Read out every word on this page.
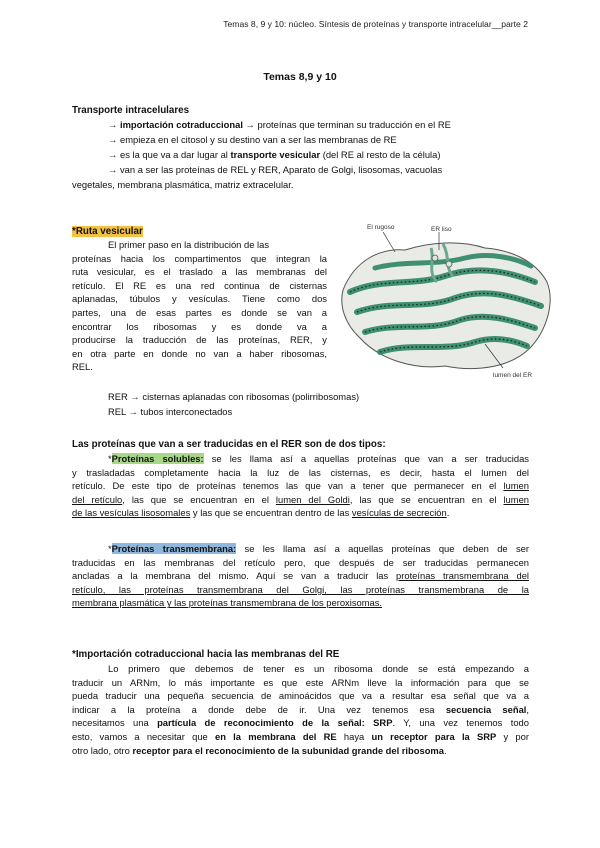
Temas 8, 9 y 10: núcleo. Síntesis de proteínas y transporte intracelular__parte 2
Temas 8,9 y 10
Transporte intracelulares
→ importación cotraduccional → proteínas que terminan su traducción en el RE
→ empieza en el citosol y su destino van a ser las membranas de RE
→ es la que va a dar lugar al transporte vesicular (del RE al resto de la célula)
→ van a ser las proteínas de REL y RER, Aparato de Golgi, lisosomas, vacuolas
vegetales, membrana plasmática, matriz extracelular.
*Ruta vesicular
El primer paso en la distribución de las
proteínas hacia los compartimentos que integran la
ruta vesicular, es el traslado a las membranas del
retículo. El RE es una red continua de cisternas
aplanadas, túbulos y vesículas. Tiene como dos
partes, una de esas partes es donde se van a
encontrar los ribosomas y es donde va a
producirse la traducción de las proteínas, RER, y
en otra parte en donde no van a haber ribosomas,
REL.
RER → cisternas aplanadas con ribosomas (polirribosomas)
REL → tubos interconectados
El rugoso	ER liso
lumen del ER
Las proteínas que van a ser traducidas en el RER son de dos tipos:
*Proteínas solubles: se les llama así a aquellas proteínas que van a ser traducidas
y trasladadas completamente hacia la luz de las cisternas, es decir, hasta el lumen del
retículo. De este tipo de proteínas tenemos las que van a tener que permanecer en el lumen
del retículo, las que se encuentran en el lumen del Goldi, las que se encuentran en el lumen
de las vesículas lisosomales y las que se encuentran dentro de las vesículas de secreción.
*Proteínas transmembrana: se les llama así a aquellas proteínas que deben de ser
traducidas en las membranas del retículo pero, que después de ser traducidas permanecen
ancladas a la membrana del mismo. Aquí se van a traducir las proteínas transmembrana del
retículo, las proteínas transmembrana del Golgi, las proteínas transmembrana de la
membrana plasmática y las proteínas transmembrana de los peroxisomas.
*Importación cotraduccional hacia las membranas del RE
Lo primero que debemos de tener es un ribosoma donde se está empezando a
traducir un ARNm, lo más importante es que este ARNm lleve la información para que se
pueda traducir una pequeña secuencia de aminoácidos que va a resultar esa señal que va a
indicar a la proteína a donde debe de ir. Una vez tenemos esa secuencia señal,
necesitamos una partícula de reconocimiento de la señal: SRP. Y, una vez tenemos todo
esto, vamos a necesitar que en la membrana del RE haya un receptor para la SRP y por
otro lado, otro receptor para el reconocimiento de la subunidad grande del ribosoma.
